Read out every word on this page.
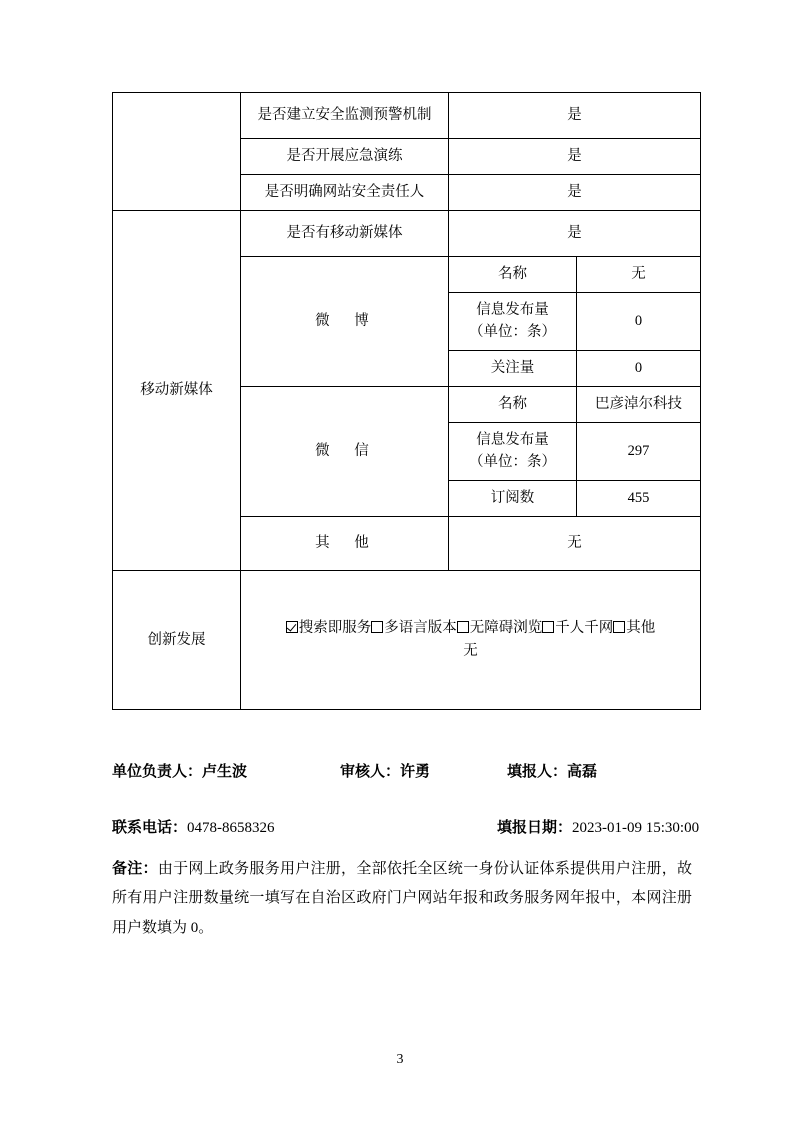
	是否建立安全监测预警机制	是	
	是否开展应急演练	是	
	是否明确网站安全责任人	是	
移动新媒体	是否有移动新媒体	是	
	微　博	名称	无

		信息发布量
（单位：条）	0
		关注量	0
	微　信	名称	巴彦淖尔科技

		信息发布量
（单位：条）	297
		订阅数	455
	其　他	无	
创新发展	搜索即服务 多语言版本 无障碍浏览 千人千网 其他
无		
单位负责人：卢生波	审核人：许勇	填报人：高磊
联系电话：0478-8658326	填报日期：2023-01-09 15:30:00
备注：由于网上政务服务用户注册，全部依托全区统一身份认证体系提供用户注册，故所有用户注册数量统一填写在自治区政府门户网站年报和政务服务网年报中，本网注册用户数填为 0。
3
